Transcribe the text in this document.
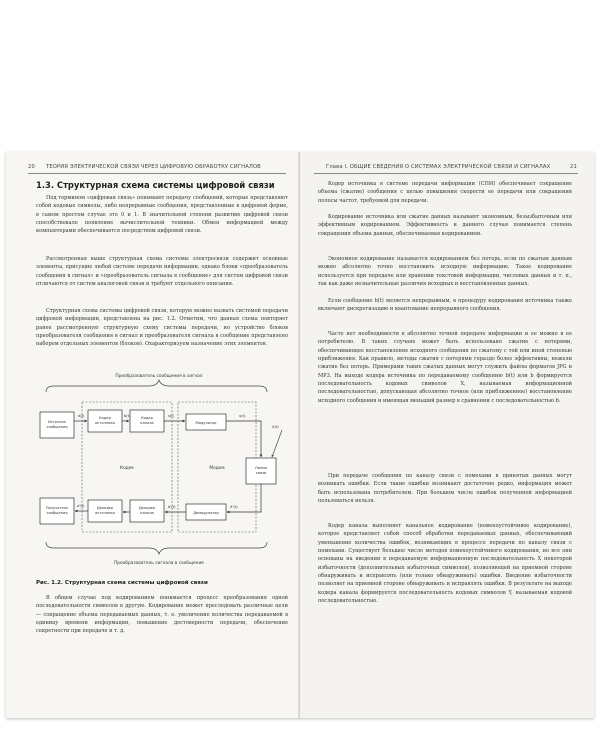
20 ТЕОРИЯ ЭЛЕКТРИЧЕСКОЙ СВЯЗИ ЧЕРЕЗ ЦИФРОВУЮ ОБРАБОТКУ СИГНАЛОВ
1.3. Структурная схема системы цифровой связи

Под термином «цифровая связь» понимают передачу сообщений, которые представляют собой кодовые символы, либо непрерывные сообщения, представленные в цифровой форме, в самом простом случае это 0 и 1. В значительной степени развитию цифровой связи способствовало появление вычислительной техники. Обмен информацией между компьютерами обеспечивается посредством цифровой связи.

Рассмотренная выше структурная схема системы электросвязи содержит основные элементы, присущие любой системе передачи информации, однако блоки «преобразователь сообщения в сигнал» и «преобразователь сигнала в сообщение» для систем цифровой связи отличаются от систем аналоговой связи и требуют отдельного описания.

Структурная схема системы цифровой связи, которую можно назвать системой передачи цифровой информации, представлена на рис. 1.2. Отметим, что данная схема повторяет ранее рассмотренную структурную схему системы передачи, но устройство блоков преобразователя сообщения в сигнал и преобразователя сигнала в сообщение представлено набором отдельных элементов (блоков). Охарактеризуем назначение этих элементов.

Преобразователь сообщения в сигнал
Кодек	Модем
Источник сообщения
Кодер источника
Кодер канала	Модулятор
Линия связи
Получатель сообщения
Декодер источника
Декодер канала	Демодулятор
a(t)	s(t)	u(t)
X(t)
X'(t)
b'(t)
a'(t)
b(t)
Преобразователь сигнала в сообщение
Рис. 1.2. Структурная схема системы цифровой связи

В общем случае под кодированием понимается процесс преобразования одной последовательности символов в другую. Кодирование может преследовать различные цели — сокращение объема передаваемых данных, т. е. увеличение количества передаваемой в единицу времени информации, повышение достоверности передачи, обеспечение секретности при передаче и т. д.

Глава I. ОБЩИЕ СВЕДЕНИЯ О СИСТЕМАХ ЭЛЕКТРИЧЕСКОЙ СВЯЗИ И СИГНАЛАХ	21

Кодер источника в системе передачи информации (СПИ) обеспечивает сокращение объема (сжатие) сообщения с целью повышения скорости ее передачи или сокращения полосы частот, требуемой для передачи.

Кодирование источника или сжатие данных называют экономным, безызбыточным или эффективным кодированием. Эффективность и данного случая понимается степень сокращения объема данных, обеспечиваемая кодированием.

Экономное кодирование называется кодированием без потерь, если по сжатым данным можно абсолютно точно восстановить исходную информацию. Такое кодирование используется при передаче или хранении текстовой информации, числовых данных и т. п., так как даже незначительные различия исходных и восстановленных данных.

Если сообщение b(t) является непрерывным, в процедуру кодирования источника также включают дискретизацию и квантование непрерывного сообщения.

Часто нет необходимости в абсолютно точной передаче информации и ее можно в ее потребителю. В таких случаях может быть использовано сжатие с потерями, обеспечивающее восстановление исходного сообщения по сжатому с той или иной степенью приближения. Как правило, методы сжатия с потерями гораздо более эффективны, нежели сжатие без потерь. Примерами таких сжатых данных могут служить файлы форматов JPG и MP3. На выходе кодера источника по передаваемому сообщению b(t) или b формируется последовательность кодовых символов X, называемая информационной последовательностью, допускающая абсолютно точное (или приближенное) восстановление исходного сообщения и имеющая меньший размер в сравнении с последовательностью b.

При передаче сообщения по каналу связи с помехами в принятых данных могут возникать ошибки. Если такие ошибки возникают достаточно редко, информация может быть использована потребителем. При большом числе ошибок полученной информацией пользоваться нельзя.

Кодер канала выполняет канальное кодирование (помехоустойчивое кодирование), которое представляет собой способ обработки передаваемых данных, обеспечивающий уменьшение количества ошибок, возникающих в процессе передачи по каналу связи с помехами. Существует большое число методов помехоустойчивого кодирования, но все они основаны на введении в передаваемую информационную последовательность X некоторой избыточности (дополнительных избыточных символов), позволяющей на приемной стороне обнаруживать и исправлять (или только обнаруживать) ошибки. Введение избыточности позволяет на приемной стороне обнаруживать и исправлять ошибки. В результате на выходе кодера канала формируется последовательность кодовых символов Y, называемая кодовой последовательностью.
